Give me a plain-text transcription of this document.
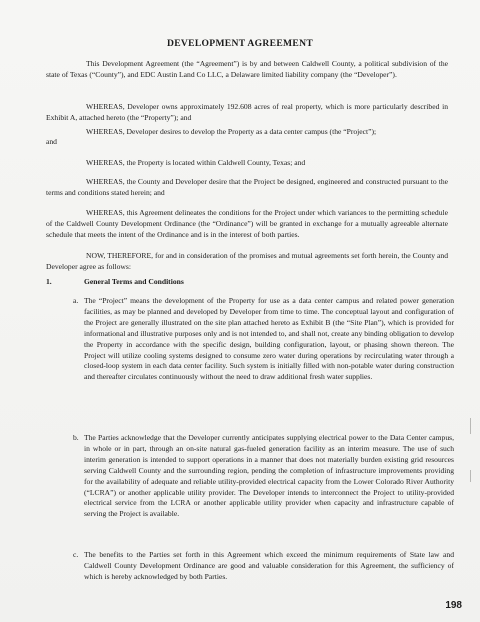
DEVELOPMENT AGREEMENT
This Development Agreement (the “Agreement”) is by and between Caldwell County, a political subdivision of the state of Texas (“County”), and EDC Austin Land Co LLC, a Delaware limited liability company (the “Developer”).
WHEREAS, Developer owns approximately 192.608 acres of real property, which is more particularly described in Exhibit A, attached hereto (the “Property”); and
WHEREAS, Developer desires to develop the Property as a data center campus (the “Project”);
and
WHEREAS, the Property is located within Caldwell County, Texas; and
WHEREAS, the County and Developer desire that the Project be designed, engineered and constructed pursuant to the terms and conditions stated herein; and
WHEREAS, this Agreement delineates the conditions for the Project under which variances to the permitting schedule of the Caldwell County Development Ordinance (the “Ordinance”) will be granted in exchange for a mutually agreeable alternate schedule that meets the intent of the Ordinance and is in the interest of both parties.
NOW, THEREFORE, for and in consideration of the promises and mutual agreements set forth herein, the County and Developer agree as follows:
1.	General Terms and Conditions
a. The “Project” means the development of the Property for use as a data center campus and related power generation facilities, as may be planned and developed by Developer from time to time. The conceptual layout and configuration of the Project are generally illustrated on the site plan attached hereto as Exhibit B (the “Site Plan”), which is provided for informational and illustrative purposes only and is not intended to, and shall not, create any binding obligation to develop the Property in accordance with the specific design, building configuration, layout, or phasing shown thereon. The Project will utilize cooling systems designed to consume zero water during operations by recirculating water through a closed-loop system in each data center facility. Such system is initially filled with non-potable water during construction and thereafter circulates continuously without the need to draw additional fresh water supplies.
b. The Parties acknowledge that the Developer currently anticipates supplying electrical power to the Data Center campus, in whole or in part, through an on-site natural gas-fueled generation facility as an interim measure. The use of such interim generation is intended to support operations in a manner that does not materially burden existing grid resources serving Caldwell County and the surrounding region, pending the completion of infrastructure improvements providing for the availability of adequate and reliable utility-provided electrical capacity from the Lower Colorado River Authority (“LCRA”) or another applicable utility provider. The Developer intends to interconnect the Project to utility-provided electrical service from the LCRA or another applicable utility provider when capacity and infrastructure capable of serving the Project is available.
c. The benefits to the Parties set forth in this Agreement which exceed the minimum requirements of State law and Caldwell County Development Ordinance are good and valuable consideration for this Agreement, the sufficiency of which is hereby acknowledged by both Parties.
198
